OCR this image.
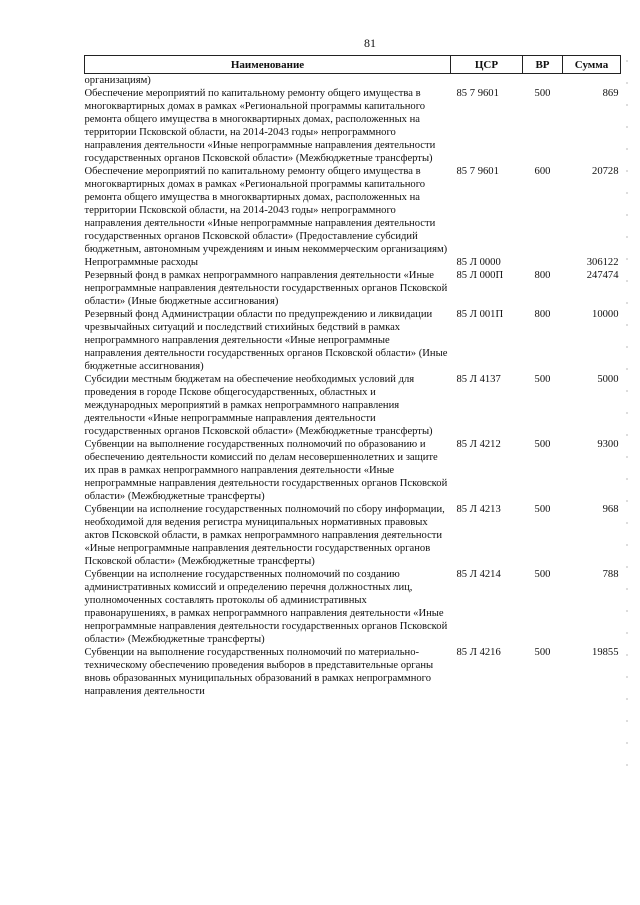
81
Наименование	ЦСР	ВР	Сумма
организациям)			
Обеспечение мероприятий по капитальному ремонту общего имущества в многоквартирных домах в рамках «Региональной программы капитального ремонта общего имущества в многоквартирных домах, расположенных на территории Псковской области, на 2014-2043 годы» непрограммного направления деятельности «Иные непрограммные направления деятельности государственных органов Псковской области» (Межбюджетные трансферты)	85 7 9601	500	869
Обеспечение мероприятий по капитальному ремонту общего имущества в многоквартирных домах в рамках «Региональной программы капитального ремонта общего имущества в многоквартирных домах, расположенных на территории Псковской области, на 2014-2043 годы» непрограммного направления деятельности «Иные непрограммные направления деятельности государственных органов Псковской области» (Предоставление субсидий бюджетным, автономным учреждениям и иным некоммерческим организациям)	85 7 9601	600	20728
Непрограммные расходы	85 Л 0000		306122
Резервный фонд в рамках непрограммного направления деятельности «Иные непрограммные направления деятельности государственных органов Псковской области» (Иные бюджетные ассигнования)	85 Л 000П	800	247474
Резервный фонд Администрации области по предупреждению и ликвидации чрезвычайных ситуаций и последствий стихийных бедствий в рамках непрограммного направления деятельности «Иные непрограммные направления деятельности государственных органов Псковской области» (Иные бюджетные ассигнования)	85 Л 001П	800	10000
Субсидии местным бюджетам на обеспечение необходимых условий для проведения в городе Пскове общегосударственных, областных и международных мероприятий в рамках непрограммного направления деятельности «Иные непрограммные направления деятельности государственных органов Псковской области» (Межбюджетные трансферты)	85 Л 4137	500	5000
Субвенции на выполнение государственных полномочий по образованию и обеспечению деятельности комиссий по делам несовершеннолетних и защите их прав в рамках непрограммного направления деятельности «Иные непрограммные направления деятельности государственных органов Псковской области» (Межбюджетные трансферты)	85 Л 4212	500	9300
Субвенции на исполнение государственных полномочий по сбору информации, необходимой для ведения регистра муниципальных нормативных правовых актов Псковской области, в рамках непрограммного направления деятельности «Иные непрограммные направления деятельности государственных органов Псковской области» (Межбюджетные трансферты)	85 Л 4213	500	968
Субвенции на исполнение государственных полномочий по созданию административных комиссий и определению перечня должностных лиц, уполномоченных составлять протоколы об административных правонарушениях, в рамках непрограммного направления деятельности «Иные непрограммные направления деятельности государственных органов Псковской области» (Межбюджетные трансферты)	85 Л 4214	500	788
Субвенции на выполнение государственных полномочий по материально-техническому обеспечению проведения выборов в представительные органы вновь образованных муниципальных образований в рамках непрограммного направления деятельности	85 Л 4216	500	19855
